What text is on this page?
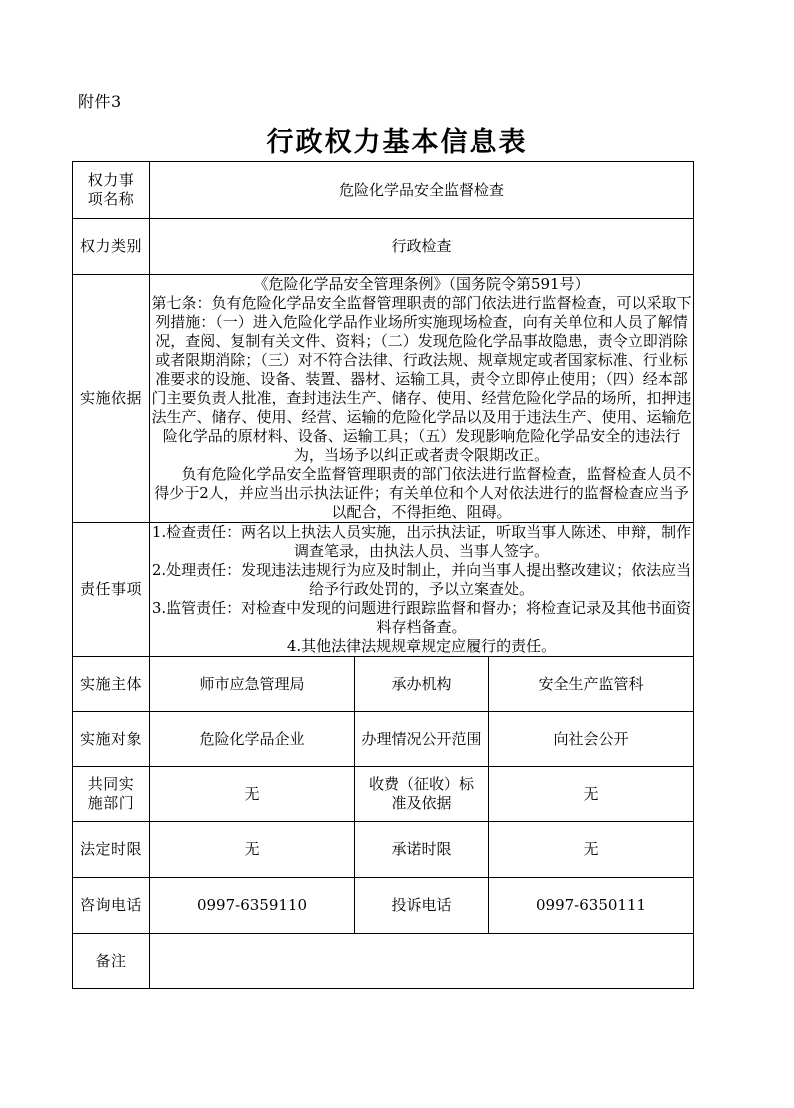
附件3
行政权力基本信息表
权力事项名称	危险化学品安全监督检查		
权力类别	行政检查		
实施依据	《危险化学品安全管理条例》（国务院令第591号）

第七条：负有危险化学品安全监督管理职责的部门依法进行监督检查，可以采取下列措施：（一）进入危险化学品作业场所实施现场检查，向有关单位和人员了解情况，查阅、复制有关文件、资料；（二）发现危险化学品事故隐患，责令立即消除或者限期消除；（三）对不符合法律、行政法规、规章规定或者国家标准、行业标准要求的设施、设备、装置、器材、运输工具，责令立即停止使用；（四）经本部门主要负责人批准，查封违法生产、储存、使用、经营危险化学品的场所，扣押违法生产、储存、使用、经营、运输的危险化学品以及用于违法生产、使用、运输危险化学品的原材料、设备、运输工具；（五）发现影响危险化学品安全的违法行为，当场予以纠正或者责令限期改正。

负有危险化学品安全监督管理职责的部门依法进行监督检查，监督检查人员不得少于2人，并应当出示执法证件；有关单位和个人对依法进行的监督检查应当予以配合，不得拒绝、阻碍。		

责任事项	1.检查责任：两名以上执法人员实施，出示执法证，听取当事人陈述、申辩，制作调查笔录，由执法人员、当事人签字。

2.处理责任：发现违法违规行为应及时制止，并向当事人提出整改建议；依法应当给予行政处罚的，予以立案查处。

3.监管责任：对检查中发现的问题进行跟踪监督和督办；将检查记录及其他书面资料存档备查。

4.其他法律法规规章规定应履行的责任。		

实施主体	师市应急管理局	承办机构	安全生产监管科
实施对象	危险化学品企业	办理情况公开范围	向社会公开
共同实施部门	无	收费（征收）标准及依据	无
法定时限	无	承诺时限	无
咨询电话	0997-6359110	投诉电话	0997-6350111
备注			
